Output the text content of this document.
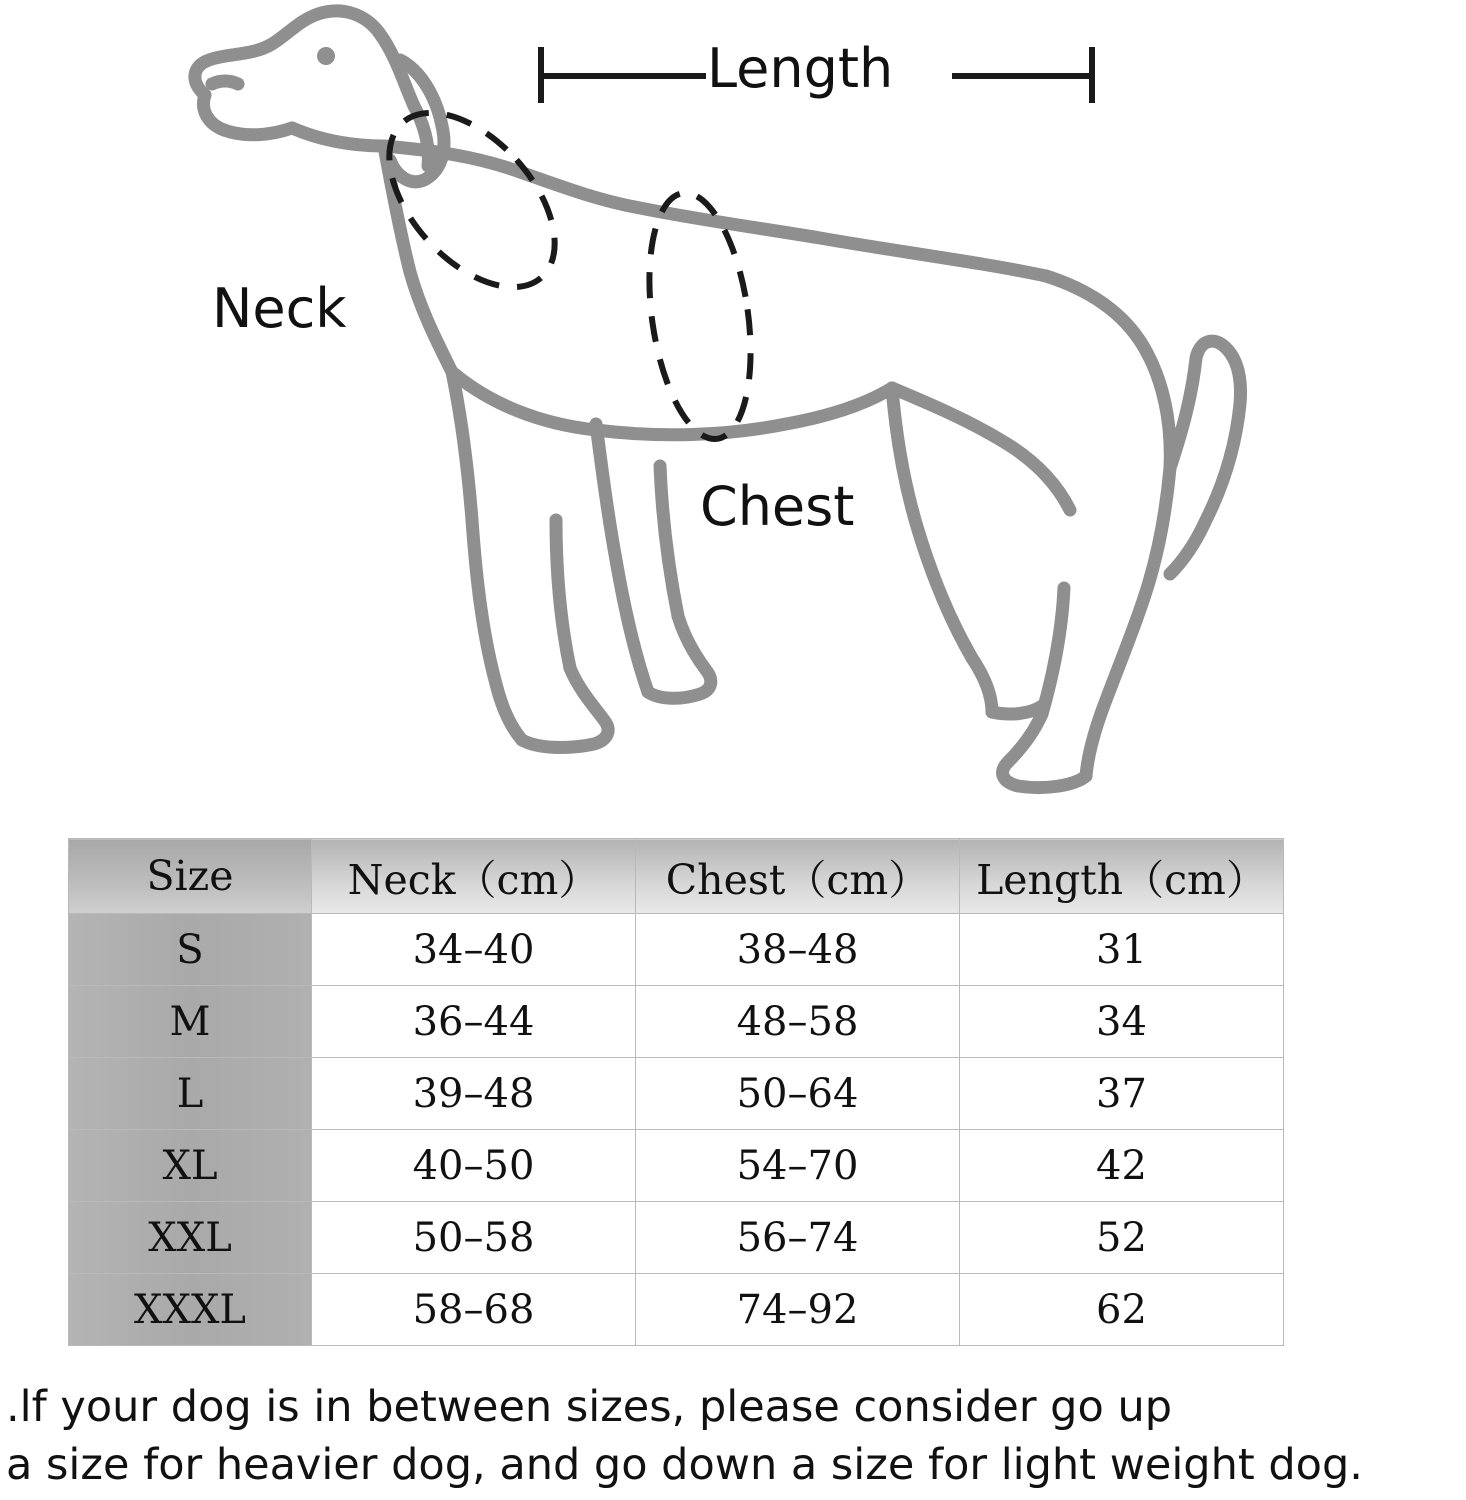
Neck
Chest
Length
Size	Neck（cm）	Chest（cm）	Length（cm）
S	34–40	38–48	31
M	36–44	48–58	34
L	39–48	50–64	37
XL	40–50	54–70	42
XXL	50–58	56–74	52
XXXL	58–68	74–92	62
.lf your dog is in between sizes, please consider go up
a size for heavier dog, and go down a size for light weight dog.
